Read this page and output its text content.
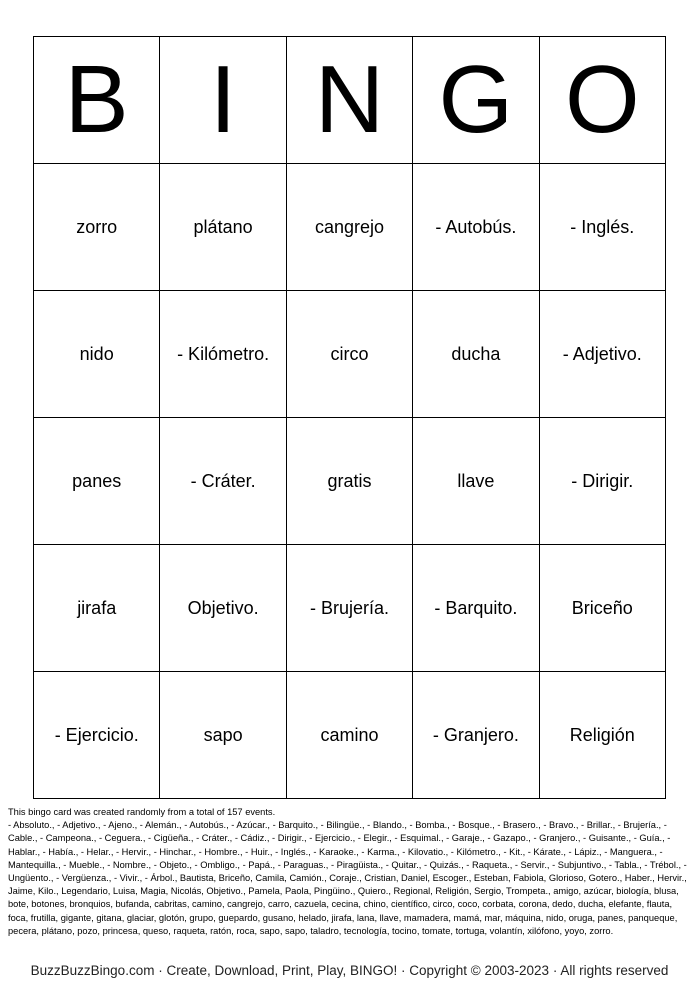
B	I	N	G	O
zorro	plátano	cangrejo	- Autobús.	- Inglés.
nido	- Kilómetro.	circo	ducha	- Adjetivo.
panes	- Cráter.	gratis	llave	- Dirigir.
jirafa	Objetivo.	- Brujería.	- Barquito.	Briceño
- Ejercicio.	sapo	camino	- Granjero.	Religión

This bingo card was created randomly from a total of 157 events.

- Absoluto., - Adjetivo., - Ajeno., - Alemán., - Autobús., - Azúcar., - Barquito., - Bilingüe., - Blando., - Bomba., - Bosque., - Brasero., - Bravo., - Brillar., - Brujería., - Cable., - Campeona., - Ceguera., - Cigüeña., - Cráter., - Cádiz., - Dirigir., - Ejercicio., - Elegir., - Esquimal., - Garaje., - Gazapo., - Granjero., - Guisante., - Guía., - Hablar., - Había., - Helar., - Hervir., - Hinchar., - Hombre., - Huir., - Inglés., - Karaoke., - Karma., - Kilovatio., - Kilómetro., - Kit., - Kárate., - Lápiz., - Manguera., - Mantequilla., - Mueble., - Nombre., - Objeto., - Ombligo., - Papá., - Paraguas., - Piragüista., - Quitar., - Quizás., - Raqueta., - Servir., - Subjuntivo., - Tabla., - Trébol., - Ungüento., - Vergüenza., - Vivir., - Árbol., Bautista, Briceño, Camila, Camión., Coraje., Cristian, Daniel, Escoger., Esteban, Fabiola, Glorioso, Gotero., Haber., Hervir., Jaime, Kilo., Legendario, Luisa, Magia, Nicolás, Objetivo., Pamela, Paola, Pingüino., Quiero., Regional, Religión, Sergio, Trompeta., amigo, azúcar, biología, blusa, bote, botones, bronquios, bufanda, cabritas, camino, cangrejo, carro, cazuela, cecina, chino, científico, circo, coco, corbata, corona, dedo, ducha, elefante, flauta, foca, frutilla, gigante, gitana, glaciar, glotón, grupo, guepardo, gusano, helado, jirafa, lana, llave, mamadera, mamá, mar, máquina, nido, oruga, panes, panqueque, pecera, plátano, pozo, princesa, queso, raqueta, ratón, roca, sapo, sapo, taladro, tecnología, tocino, tomate, tortuga, volantín, xilófono, yoyo, zorro.

BuzzBuzzBingo.com · Create, Download, Print, Play, BINGO! · Copyright © 2003-2023 · All rights reserved
